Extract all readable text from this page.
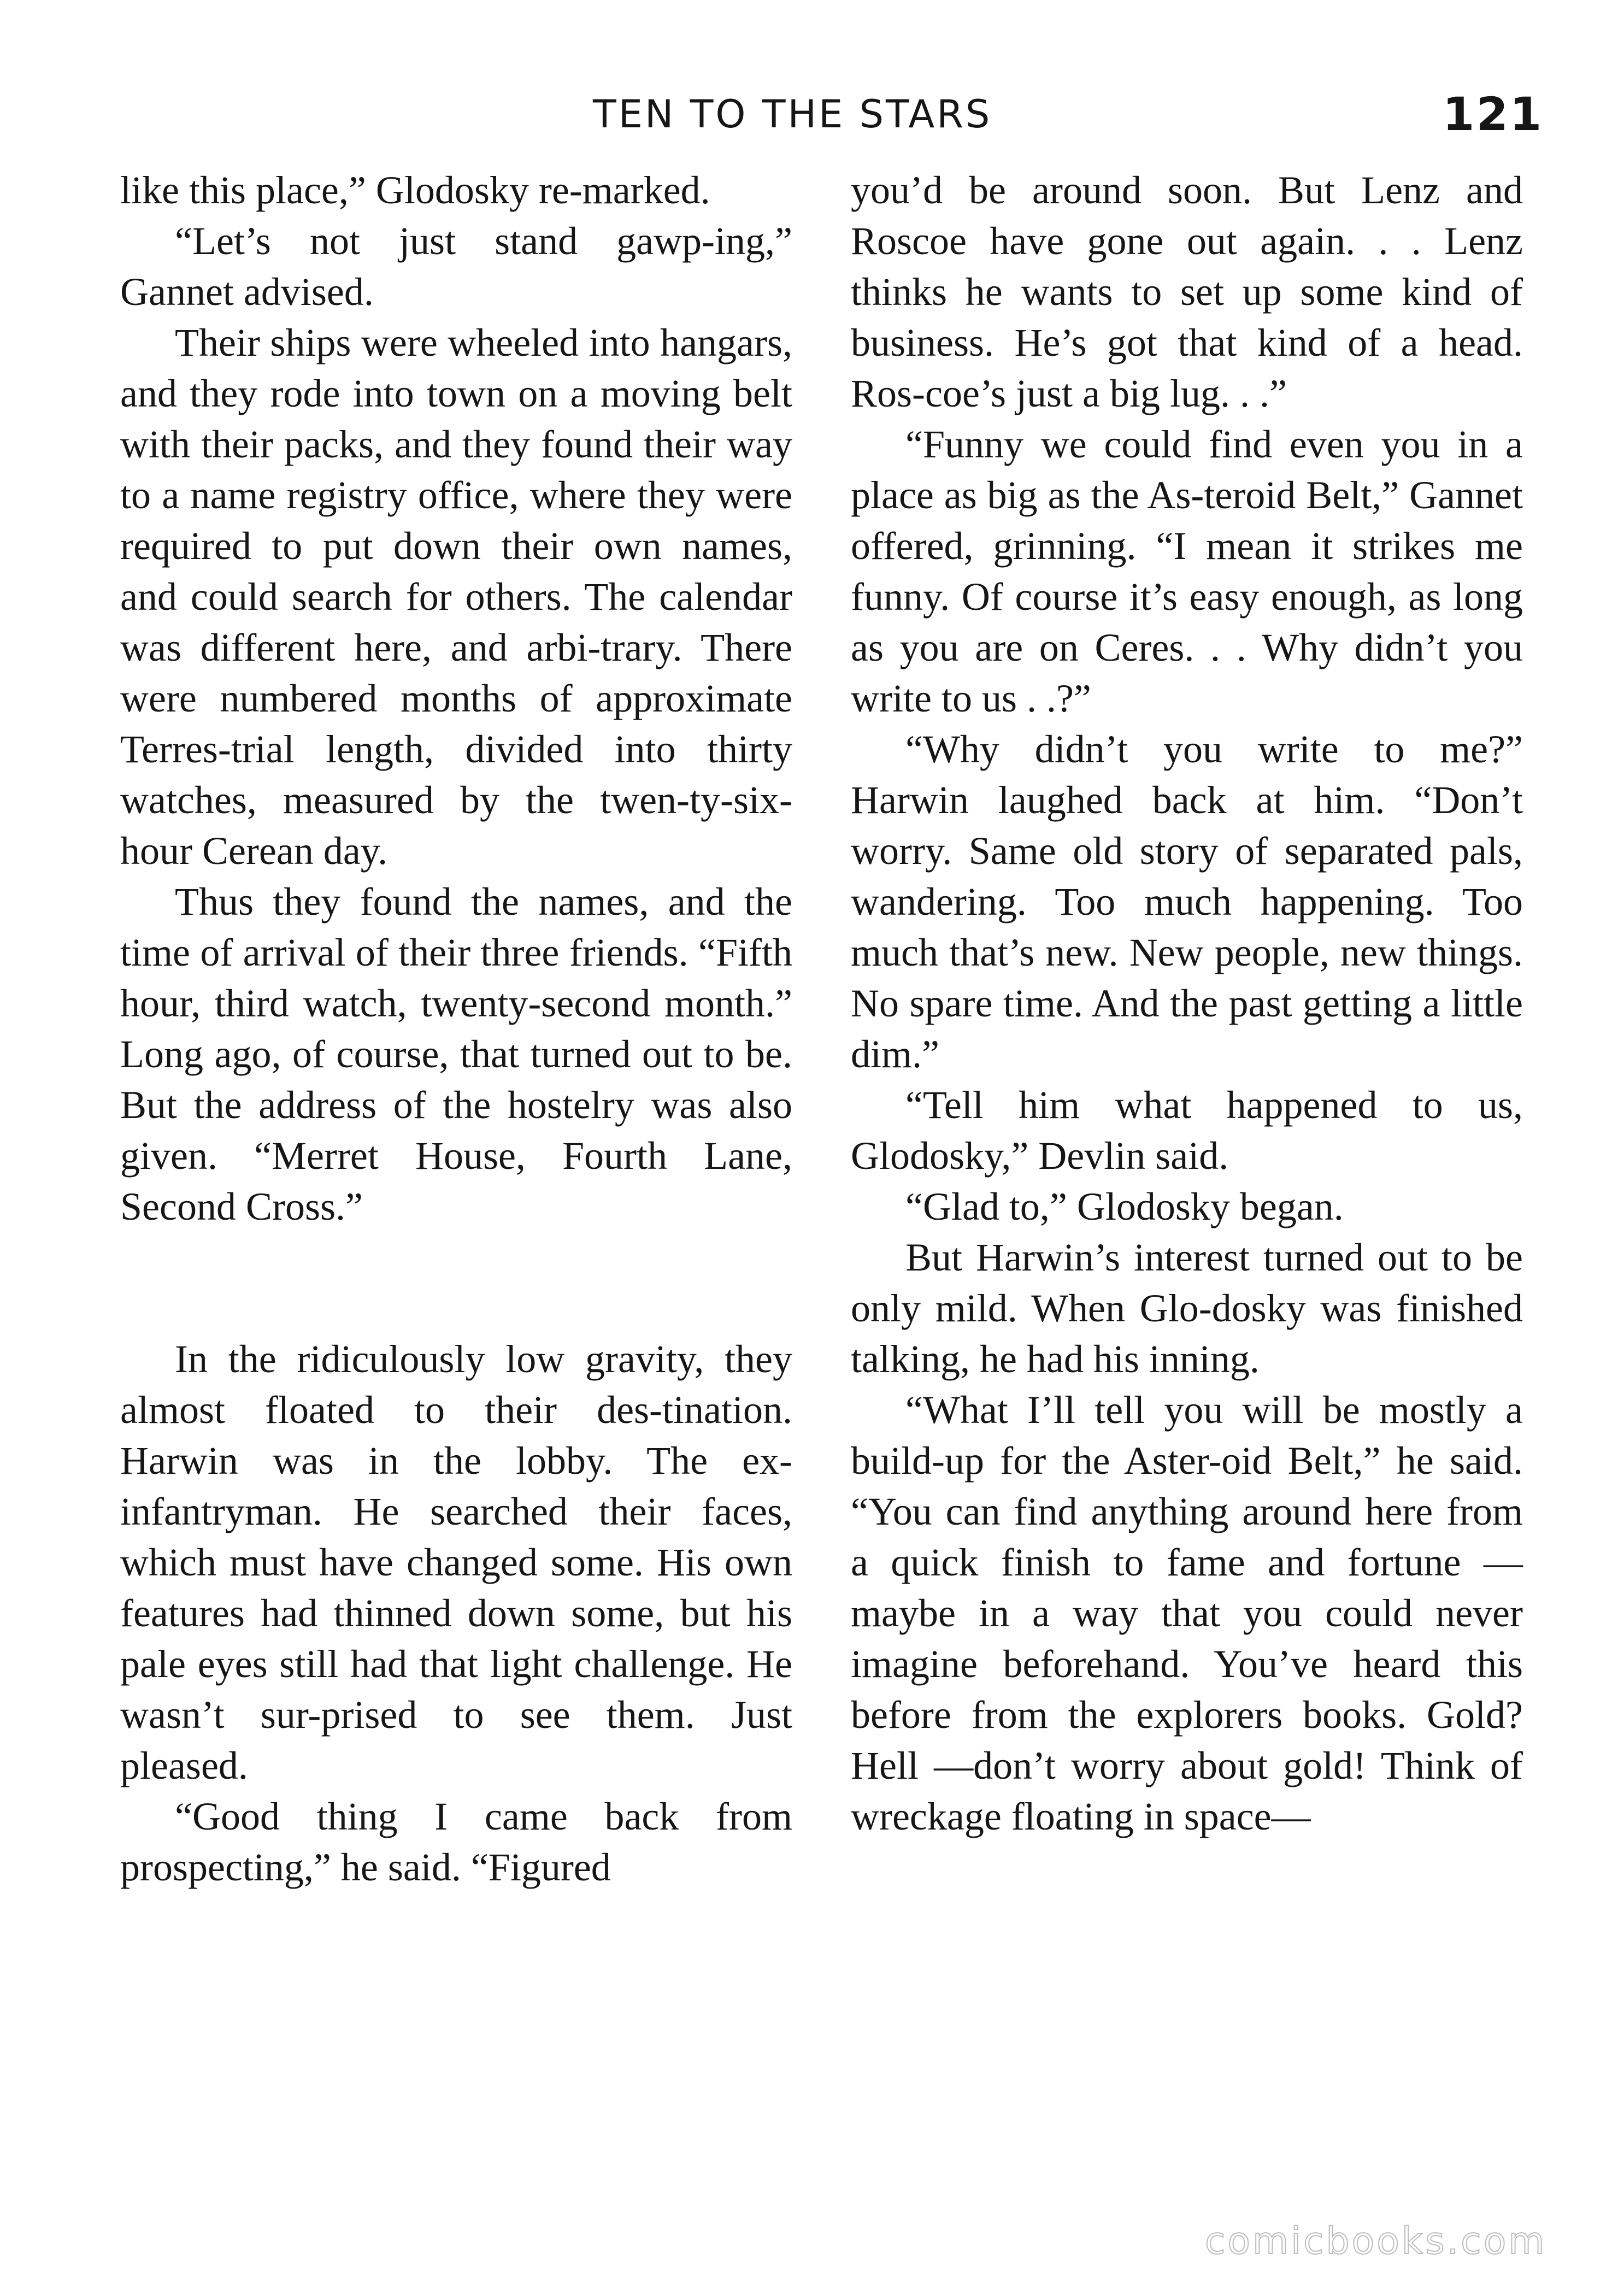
TEN TO THE STARS	121

like this place,” Glodosky re-marked.

“Let’s not just stand gawp-ing,” Gannet advised.

Their ships were wheeled into hangars, and they rode into town on a moving belt with their packs, and they found their way to a name registry office, where they were required to put down their own names, and could search for others. The calendar was different here, and arbi-trary. There were numbered months of approximate Terres-trial length, divided into thirty watches, measured by the twen-ty-six-hour Cerean day.

Thus they found the names, and the time of arrival of their three friends. “Fifth hour, third watch, twenty-second month.” Long ago, of course, that turned out to be. But the address of the hostelry was also given. “Merret House, Fourth Lane, Second Cross.”

In the ridiculously low gravity, they almost floated to their des-tination. Harwin was in the lobby. The ex-infantryman. He searched their faces, which must have changed some. His own features had thinned down some, but his pale eyes still had that light challenge. He wasn’t sur-prised to see them. Just pleased.

“Good thing I came back from prospecting,” he said. “Figured

you’d be around soon. But Lenz and Roscoe have gone out again. . . Lenz thinks he wants to set up some kind of business. He’s got that kind of a head. Ros-coe’s just a big lug. . .”

“Funny we could find even you in a place as big as the As-teroid Belt,” Gannet offered, grinning. “I mean it strikes me funny. Of course it’s easy enough, as long as you are on Ceres. . . Why didn’t you write to us . .?”

“Why didn’t you write to me?” Harwin laughed back at him. “Don’t worry. Same old story of separated pals, wandering. Too much happening. Too much that’s new. New people, new things. No spare time. And the past getting a little dim.”

“Tell him what happened to us, Glodosky,” Devlin said.

“Glad to,” Glodosky began.

But Harwin’s interest turned out to be only mild. When Glo-dosky was finished talking, he had his inning.

“What I’ll tell you will be mostly a build-up for the Aster-oid Belt,” he said. “You can find anything around here from a quick finish to fame and fortune —maybe in a way that you could never imagine beforehand. You’ve heard this before from the explorers books. Gold? Hell —don’t worry about gold! Think of wreckage floating in space—

comicbooks.com
